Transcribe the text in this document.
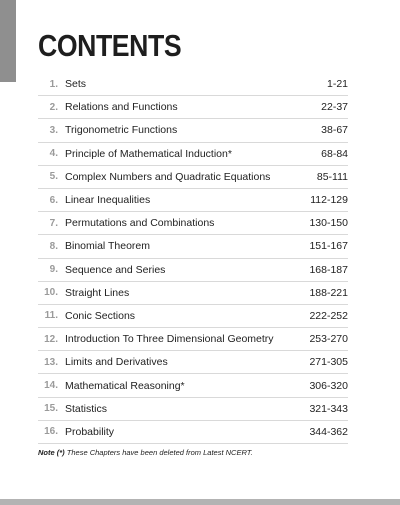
CONTENTS
1. Sets	1-21
2. Relations and Functions	22-37
3. Trigonometric Functions	38-67
4. Principle of Mathematical Induction*	68-84
5. Complex Numbers and Quadratic Equations	85-111
6. Linear Inequalities	112-129
7. Permutations and Combinations	130-150
8. Binomial Theorem	151-167
9. Sequence and Series	168-187
10. Straight Lines	188-221
11. Conic Sections	222-252
12. Introduction To Three Dimensional Geometry	253-270
13. Limits and Derivatives	271-305
14. Mathematical Reasoning*	306-320
15. Statistics	321-343
16. Probability	344-362
Note (*) These Chapters have been deleted from Latest NCERT.
